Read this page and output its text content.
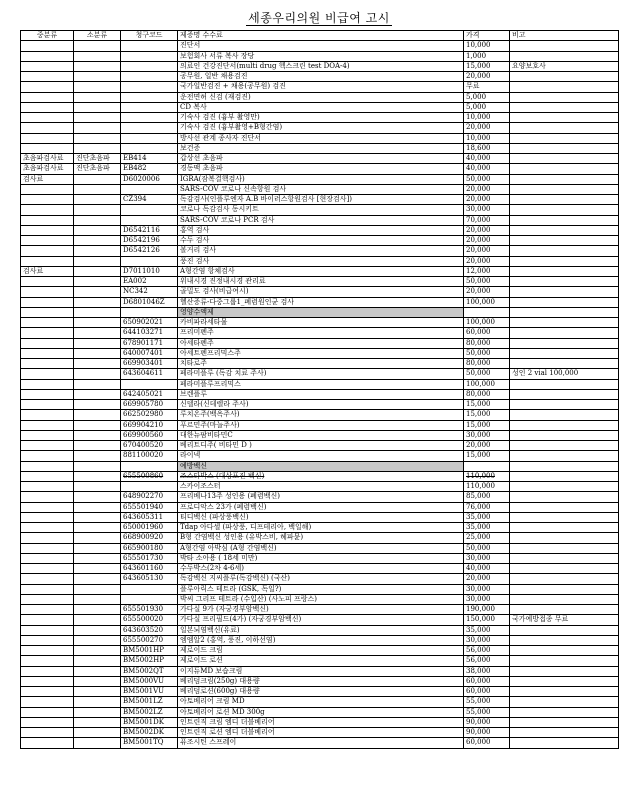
세종우리의원 비급여 고시
중분류	소분류	청구코드	제증명 수수료	가격	비고
			진단서	10,000	
			보험회사 서류 복사 장당	1,000	
			의료인 건강진단서(multi drug 헥스크린 test DOA-4)	15,000	요양보호사
			공무원, 일반 채용검진	20,000	
			국가일반검진 + 채용(공무원) 검진	무료	
			운전면허 신검 (재검진)	5,000	
			CD 복사	5,000	
			기숙사 검진 (흉부 촬영만)	10,000	
			기숙사 검진 (흉부촬영+B형간염)	20,000	
			방사선 관계 종사자 진단서	10,000	
			보건증	18,600	
초음파검사료	진단초음파	EB414	갑상선 초음파	40,000	
초음파검사료	진단초음파	EB482	경동맥 초음파	40,000	
검사료		D6020006	IGRA(잠복결핵검사)	50,000	
			SARS-COV 코로나 신속항원 검사	20,000	
		CZ394	독감검사(인플루엔자 A.B 바이러스항원검사 [현장검사])	20,000	
			코로나 독감검사 동시키트	30,000	
			SARS-COV 코로나 PCR 검사	70,000	
		D6542116	홍역 검사	20,000	
		D6542196	수두 검사	20,000	
		D6542126	볼거리 검사	20,000	
			풍진 검사	20,000	
검사료		D7011010	A형간염 항체검사	12,000	
		EA002	위내시경 진정내시경 관리료	50,000	
		NC342	골밀도 검사(비급여시)	20,000	
		D6801046Z	헬산증류-다중그룹1_폐렴원인균 검사	100,000	
			영양수액제		
		650902021	카비파라세타물	100,000	
		644103271	프리미펜주	60,000	
		678901171	아세타펜주	80,000	
		640007401	아세트펜프리믹스주	50,000	
		669903401	치타로주	80,000	
		643604611	페라미플루 (독감 치료 주사)	50,000	성인 2 vial 100,000
			페라미플루프리믹스	100,000	
		642405021	브렌플루	80,000	
		669905780	신델라(신데렐라 주사)	15,000	
		662502980	루치온주(백옥주사)	15,000	
		669904210	푸르민주(마늘주사)	15,000	
		669900560	대한뉴팜비타민C	30,000	
		670400520	베리트디주( 비타민 D )	20,000	
		881100020	라이넥	15,000	
			예방백신		
		655500860	조스타박스 (대상포진 백신)	110,000	
			스카이조스터	110,000	
		648902270	프리베나13주 성인용 (폐렴백신)	85,000	
		655501940	프로디악스 23가 (폐렴백신)	76,000	
		643605311	티디백신 (파상풍백신)	35,000	
		650001960	Tdap 아다셀 (파상풍, 디프테리아, 백일해)	35,000	
		668900920	B형 간염백신 성인용 (유박스비, 헤파뮨)	25,000	
		665900180	A형간염 아박심 (A형 간염백신)	50,000	
		655501730	박타 소아용 ( 18세 미만)	30,000	
		643601160	수두박스(2차 4-6세)	40,000	
		643605130	독감백신 지씨플루(독감백신) (국산)	20,000	
			플루아릭스 테트라 (GSK, 독일?)	30,000	
			박씨 그리프 테트라 (수입산) (사노피 프랑스)	30,000	
		655501930	가다실 9가 (자궁경부암백신)	190,000	
		655500020	가다실 프리필드(4가) (자궁경부암백신)	150,000	국가예방접종 무료
		643603520	일본뇌염백신(유료)	35,000	
		655500270	엠엠알2 (홍역, 풍진, 이하선염)	30,000	
		BM5001HP	제로이드 크림	56,000	
		BM5002HP	제로이드 로션	56,000	
		BM5002QT	이지듀MD 보습크림	38,000	
		BM5000VU	베리덤크림(250g) 대용량	60,000	
		BM5001VU	베리덤로션(600g) 대용량	60,000	
		BM5001LZ	아토베리어 크림 MD	55,000	
		BM5002LZ	아토베리어 로션 MD 300g	55,000	
		BM5001DK	인트린직 크림 엠디 더블베리어	90,000	
		BM5002DK	인트린직 로션 엠디 더블베리어	90,000	
		BM5001TQ	퓨조시틴 스프레이	60,000	
